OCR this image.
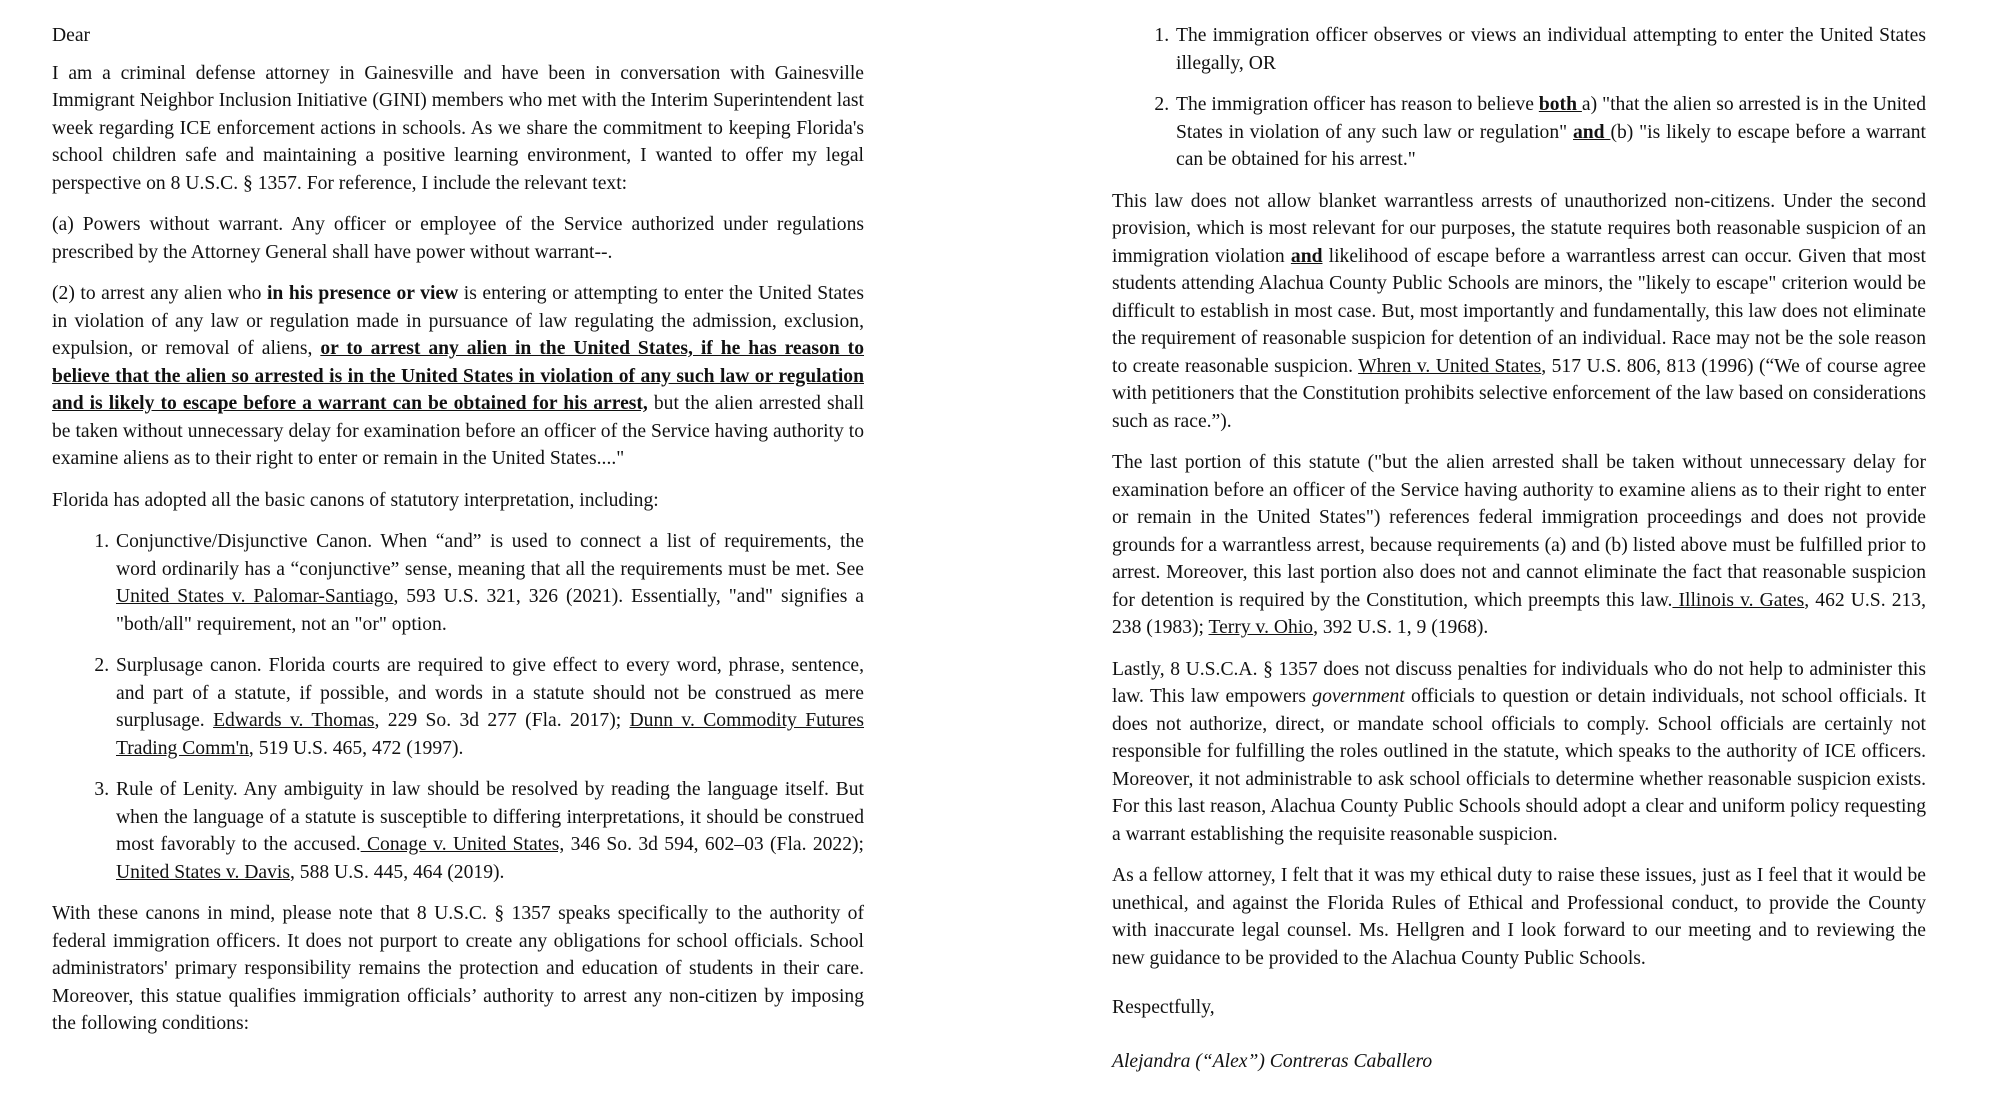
Dear

I am a criminal defense attorney in Gainesville and have been in conversation with Gainesville Immigrant Neighbor Inclusion Initiative (GINI) members who met with the Interim Superintendent last week regarding ICE enforcement actions in schools. As we share the commitment to keeping Florida's school children safe and maintaining a positive learning environment, I wanted to offer my legal perspective on 8 U.S.C. § 1357. For reference, I include the relevant text:

(a) Powers without warrant. Any officer or employee of the Service authorized under regulations prescribed by the Attorney General shall have power without warrant--.

(2) to arrest any alien who in his presence or view is entering or attempting to enter the United States in violation of any law or regulation made in pursuance of law regulating the admission, exclusion, expulsion, or removal of aliens, or to arrest any alien in the United States, if he has reason to believe that the alien so arrested is in the United States in violation of any such law or regulation and is likely to escape before a warrant can be obtained for his arrest, but the alien arrested shall be taken without unnecessary delay for examination before an officer of the Service having authority to examine aliens as to their right to enter or remain in the United States...."

Florida has adopted all the basic canons of statutory interpretation, including:

1. Conjunctive/Disjunctive Canon. When “and” is used to connect a list of requirements, the word ordinarily has a “conjunctive” sense, meaning that all the requirements must be met. See United States v. Palomar-Santiago, 593 U.S. 321, 326 (2021). Essentially, "and" signifies a "both/all" requirement, not an "or" option.
2. Surplusage canon. Florida courts are required to give effect to every word, phrase, sentence, and part of a statute, if possible, and words in a statute should not be construed as mere surplusage. Edwards v. Thomas, 229 So. 3d 277 (Fla. 2017); Dunn v. Commodity Futures Trading Comm'n, 519 U.S. 465, 472 (1997).
3. Rule of Lenity. Any ambiguity in law should be resolved by reading the language itself. But when the language of a statute is susceptible to differing interpretations, it should be construed most favorably to the accused. Conage v. United States, 346 So. 3d 594, 602–03 (Fla. 2022); United States v. Davis, 588 U.S. 445, 464 (2019).

With these canons in mind, please note that 8 U.S.C. § 1357 speaks specifically to the authority of federal immigration officers. It does not purport to create any obligations for school officials. School administrators' primary responsibility remains the protection and education of students in their care. Moreover, this statue qualifies immigration officials’ authority to arrest any non-citizen by imposing the following conditions:

1. The immigration officer observes or views an individual attempting to enter the United States illegally, OR
2. The immigration officer has reason to believe both a) "that the alien so arrested is in the United States in violation of any such law or regulation" and (b) "is likely to escape before a warrant can be obtained for his arrest."

This law does not allow blanket warrantless arrests of unauthorized non-citizens. Under the second provision, which is most relevant for our purposes, the statute requires both reasonable suspicion of an immigration violation and likelihood of escape before a warrantless arrest can occur. Given that most students attending Alachua County Public Schools are minors, the "likely to escape" criterion would be difficult to establish in most case. But, most importantly and fundamentally, this law does not eliminate the requirement of reasonable suspicion for detention of an individual. Race may not be the sole reason to create reasonable suspicion. Whren v. United States, 517 U.S. 806, 813 (1996) (“We of course agree with petitioners that the Constitution prohibits selective enforcement of the law based on considerations such as race.”).

The last portion of this statute ("but the alien arrested shall be taken without unnecessary delay for examination before an officer of the Service having authority to examine aliens as to their right to enter or remain in the United States") references federal immigration proceedings and does not provide grounds for a warrantless arrest, because requirements (a) and (b) listed above must be fulfilled prior to arrest. Moreover, this last portion also does not and cannot eliminate the fact that reasonable suspicion for detention is required by the Constitution, which preempts this law. Illinois v. Gates, 462 U.S. 213, 238 (1983); Terry v. Ohio, 392 U.S. 1, 9 (1968).

Lastly, 8 U.S.C.A. § 1357 does not discuss penalties for individuals who do not help to administer this law. This law empowers government officials to question or detain individuals, not school officials. It does not authorize, direct, or mandate school officials to comply. School officials are certainly not responsible for fulfilling the roles outlined in the statute, which speaks to the authority of ICE officers. Moreover, it not administrable to ask school officials to determine whether reasonable suspicion exists. For this last reason, Alachua County Public Schools should adopt a clear and uniform policy requesting a warrant establishing the requisite reasonable suspicion.

As a fellow attorney, I felt that it was my ethical duty to raise these issues, just as I feel that it would be unethical, and against the Florida Rules of Ethical and Professional conduct, to provide the County with inaccurate legal counsel. Ms. Hellgren and I look forward to our meeting and to reviewing the new guidance to be provided to the Alachua County Public Schools.

Respectfully,

Alejandra (“Alex”) Contreras Caballero
